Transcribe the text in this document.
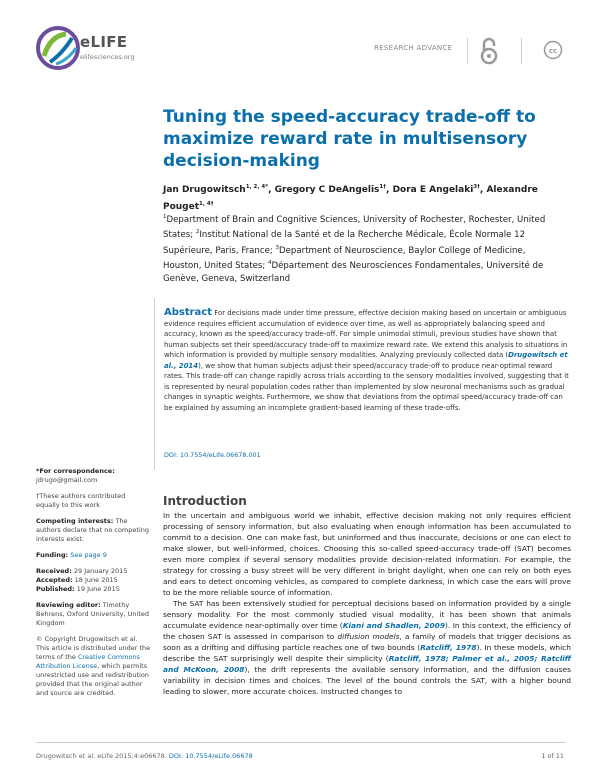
eLIFE
elifesciences.org
RESEARCH ADVANCE	cc
Tuning the speed-accuracy trade-off to maximize reward rate in multisensory decision-making
Jan Drugowitsch$^{1, 2, 4*}$, Gregory C DeAngelis$^{1\dagger}$, Dora E Angelaki$^{3\dagger}$, Alexandre Pouget$^{1, 4\dagger}$
$^1$Department of Brain and Cognitive Sciences, University of Rochester, Rochester, United States; $^2$Institut National de la Santé et de la Recherche Médicale, École Normale 12 Supérieure, Paris, France; $^3$Department of Neuroscience, Baylor College of Medicine, Houston, United States; $^4$Département des Neurosciences Fondamentales, Université de Genève, Geneva, Switzerland

Abstract For decisions made under time pressure, effective decision making based on uncertain or ambiguous evidence requires efficient accumulation of evidence over time, as well as appropriately balancing speed and accuracy, known as the speed/accuracy trade-off. For simple unimodal stimuli, previous studies have shown that human subjects set their speed/accuracy trade-off to maximize reward rate. We extend this analysis to situations in which information is provided by multiple sensory modalities. Analyzing previously collected data (Drugowitsch et al., 2014), we show that human subjects adjust their speed/accuracy trade-off to produce near-optimal reward rates. This trade-off can change rapidly across trials according to the sensory modalities involved, suggesting that it is represented by neural population codes rather than implemented by slow neuronal mechanisms such as gradual changes in synaptic weights. Furthermore, we show that deviations from the optimal speed/accuracy trade-off can be explained by assuming an incomplete gradient-based learning of these trade-offs.

DOI: 10.7554/eLife.06678.001
*For correspondence: jdrugo@gmail.com
†These authors contributed equally to this work
Competing interests: The authors declare that no competing interests exist.
Funding: See page 9
Received: 29 January 2015
Accepted: 18 June 2015
Published: 19 June 2015
Reviewing editor: Timothy Behrens, Oxford University, United Kingdom
© Copyright Drugowitsch et al. This article is distributed under the terms of the Creative Commons Attribution License, which permits unrestricted use and redistribution provided that the original author and source are credited.
Introduction

In the uncertain and ambiguous world we inhabit, effective decision making not only requires efficient processing of sensory information, but also evaluating when enough information has been accumulated to commit to a decision. One can make fast, but uninformed and thus inaccurate, decisions or one can elect to make slower, but well-informed, choices. Choosing this so-called speed-accuracy trade-off (SAT) becomes even more complex if several sensory modalities provide decision-related information. For example, the strategy for crossing a busy street will be very different in bright daylight, when one can rely on both eyes and ears to detect oncoming vehicles, as compared to complete darkness, in which case the ears will prove to be the more reliable source of information.

The SAT has been extensively studied for perceptual decisions based on information provided by a single sensory modality. For the most commonly studied visual modality, it has been shown that animals accumulate evidence near-optimally over time (Kiani and Shadlen, 2009). In this context, the efficiency of the chosen SAT is assessed in comparison to diffusion models, a family of models that trigger decisions as soon as a drifting and diffusing particle reaches one of two bounds (Ratcliff, 1978). In these models, which describe the SAT surprisingly well despite their simplicity (Ratcliff, 1978; Palmer et al., 2005; Ratcliff and McKoon, 2008), the drift represents the available sensory information, and the diffusion causes variability in decision times and choices. The level of the bound controls the SAT, with a higher bound leading to slower, more accurate choices. Instructed changes to

Drugowitsch et al. eLife 2015;4:e06678. DOI: 10.7554/eLife.06678	1 of 11
